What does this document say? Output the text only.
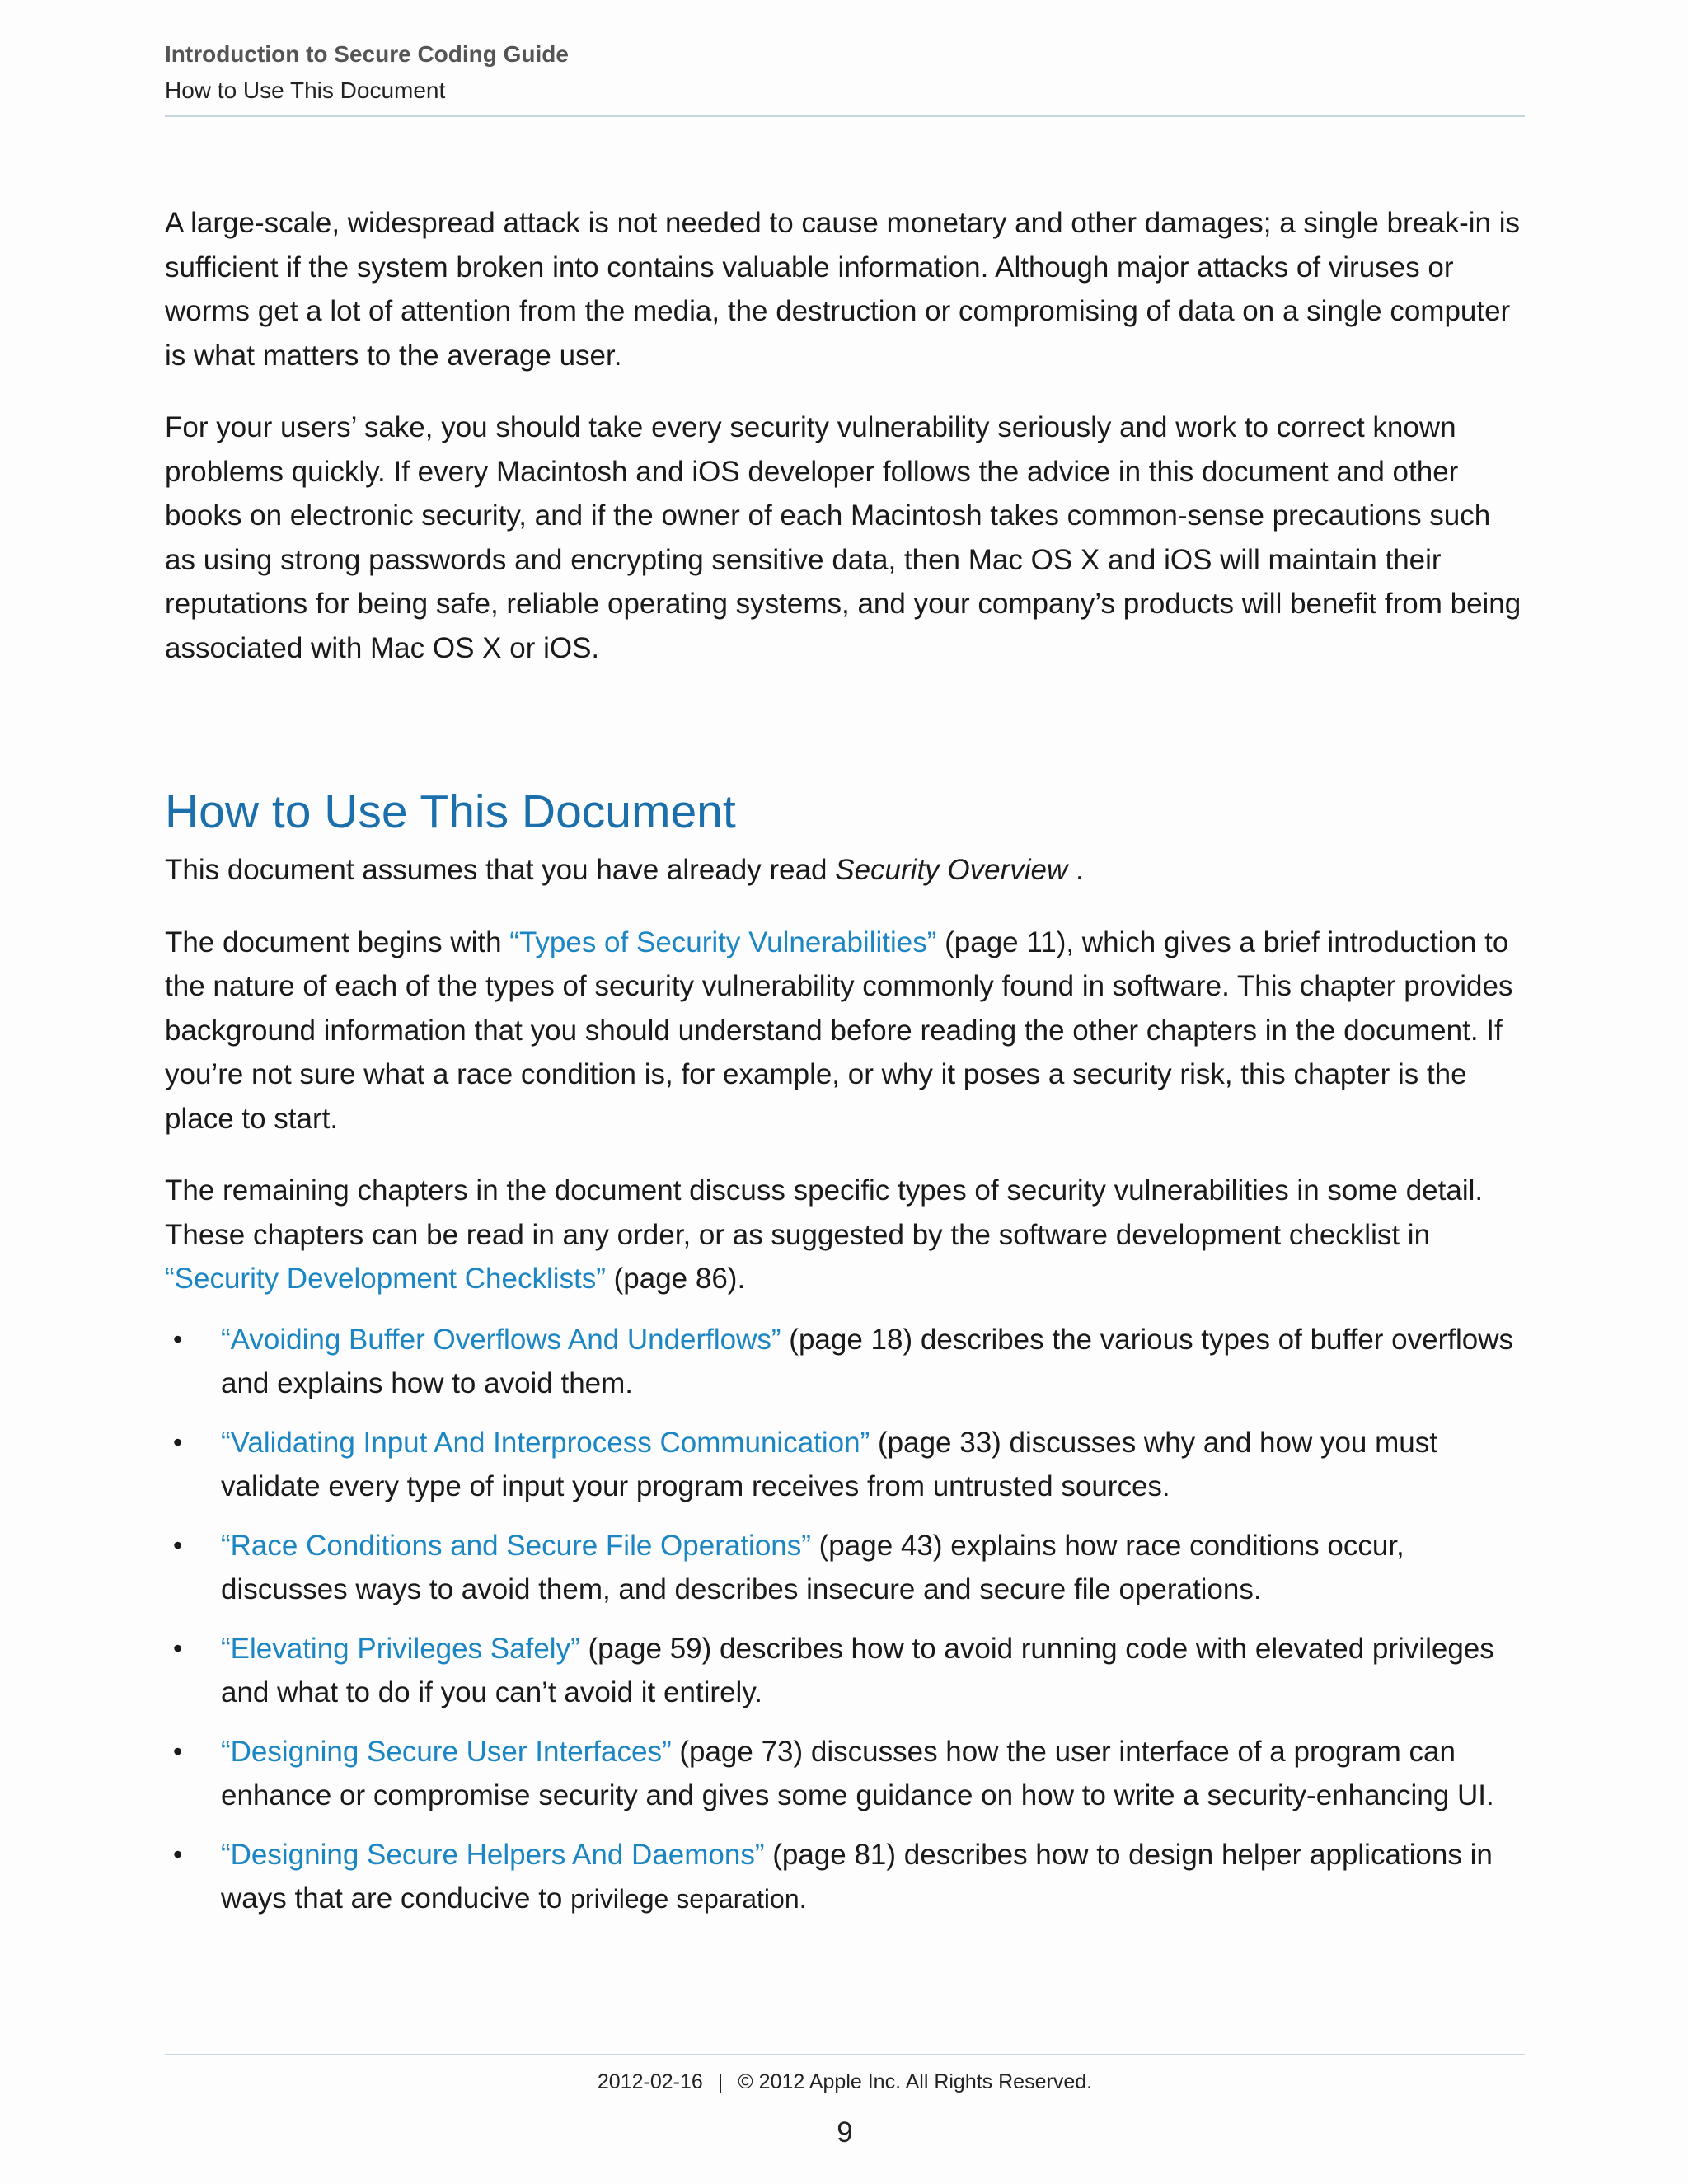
Introduction to Secure Coding Guide
How to Use This Document

A large-scale, widespread attack is not needed to cause monetary and other damages; a single break-in is sufficient if the system broken into contains valuable information. Although major attacks of viruses or worms get a lot of attention from the media, the destruction or compromising of data on a single computer is what matters to the average user.

For your users’ sake, you should take every security vulnerability seriously and work to correct known problems quickly. If every Macintosh and iOS developer follows the advice in this document and other books on electronic security, and if the owner of each Macintosh takes common-sense precautions such as using strong passwords and encrypting sensitive data, then Mac OS X and iOS will maintain their reputations for being safe, reliable operating systems, and your company’s products will benefit from being associated with Mac OS X or iOS.

How to Use This Document

This document assumes that you have already read Security Overview .

The document begins with “Types of Security Vulnerabilities” (page 11), which gives a brief introduction to the nature of each of the types of security vulnerability commonly found in software. This chapter provides background information that you should understand before reading the other chapters in the document. If you’re not sure what a race condition is, for example, or why it poses a security risk, this chapter is the place to start.

The remaining chapters in the document discuss specific types of security vulnerabilities in some detail. These chapters can be read in any order, or as suggested by the software development checklist in “Security Development Checklists” (page 86).

• “Avoiding Buffer Overflows And Underflows” (page 18) describes the various types of buffer overflows and explains how to avoid them.
• “Validating Input And Interprocess Communication” (page 33) discusses why and how you must validate every type of input your program receives from untrusted sources.
• “Race Conditions and Secure File Operations” (page 43) explains how race conditions occur, discusses ways to avoid them, and describes insecure and secure file operations.
• “Elevating Privileges Safely” (page 59) describes how to avoid running code with elevated privileges and what to do if you can’t avoid it entirely.
• “Designing Secure User Interfaces” (page 73) discusses how the user interface of a program can enhance or compromise security and gives some guidance on how to write a security-enhancing UI.
• “Designing Secure Helpers And Daemons” (page 81) describes how to design helper applications in ways that are conducive to privilege separation.
2012-02-16 | © 2012 Apple Inc. All Rights Reserved.
9
